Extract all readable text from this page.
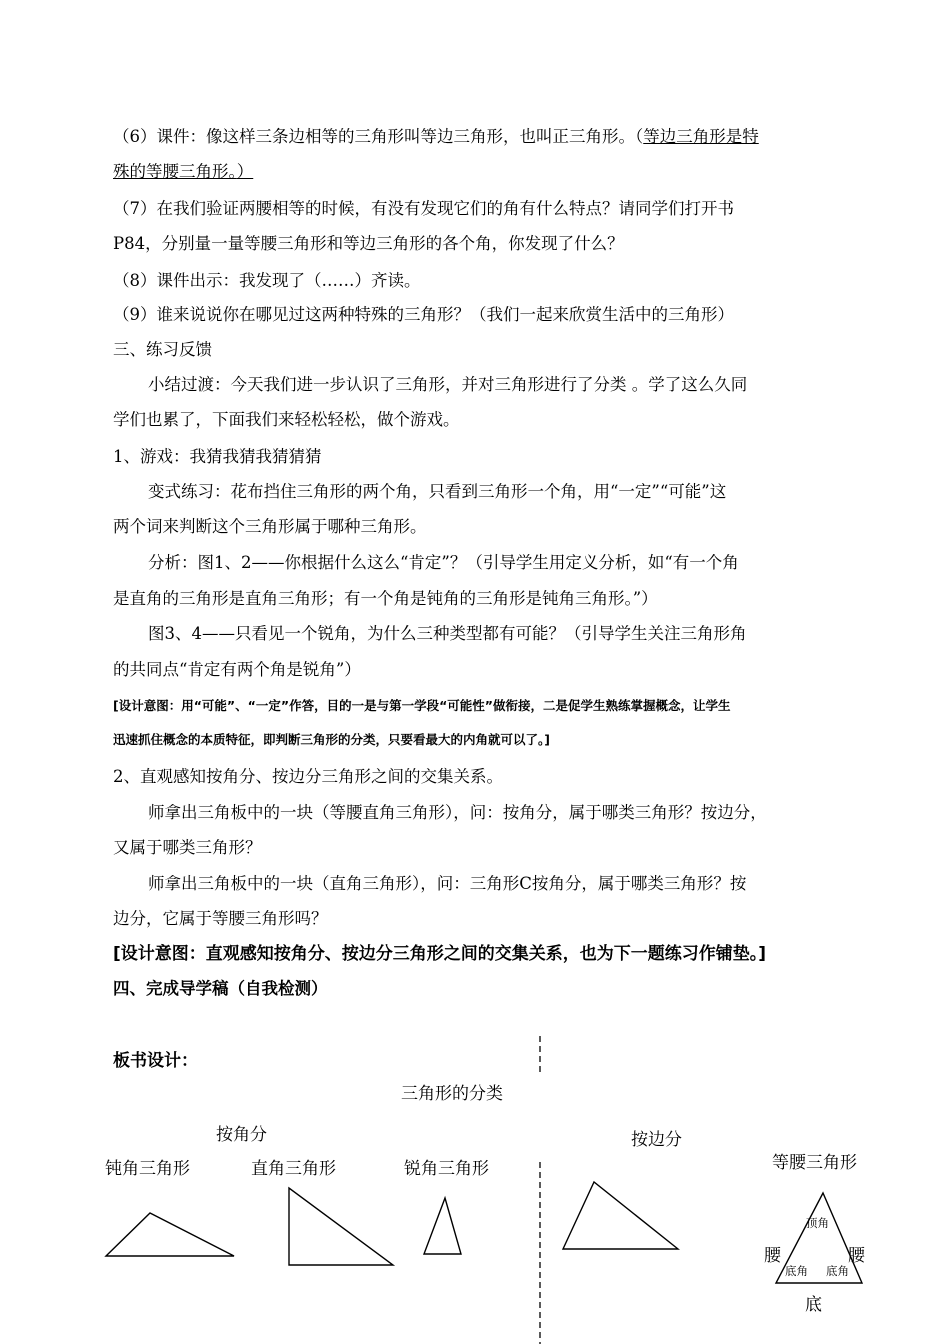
（6）课件：像这样三条边相等的三角形叫等边三角形，也叫正三角形。（等边三角形是特

殊的等腰三角形。）

（7）在我们验证两腰相等的时候，有没有发现它们的角有什么特点？请同学们打开书

P84，分别量一量等腰三角形和等边三角形的各个角，你发现了什么？

（8）课件出示：我发现了（……）齐读。

（9）谁来说说你在哪见过这两种特殊的三角形？（我们一起来欣赏生活中的三角形）

三、练习反馈

小结过渡：今天我们进一步认识了三角形，并对三角形进行了分类 。学了这么久同

学们也累了，下面我们来轻松轻松，做个游戏。

1、游戏：我猜我猜我猜猜猜

变式练习：花布挡住三角形的两个角，只看到三角形一个角，用“一定”“可能”这

两个词来判断这个三角形属于哪种三角形。

分析：图1、2——你根据什么这么“肯定”？（引导学生用定义分析，如“有一个角

是直角的三角形是直角三角形；有一个角是钝角的三角形是钝角三角形。”）

图3、4——只看见一个锐角，为什么三种类型都有可能？（引导学生关注三角形角

的共同点“肯定有两个角是锐角”）

[设计意图：用“可能”、“一定”作答，目的一是与第一学段“可能性”做衔接，二是促学生熟练掌握概念，让学生

迅速抓住概念的本质特征，即判断三角形的分类，只要看最大的内角就可以了。]

2、直观感知按角分、按边分三角形之间的交集关系。

师拿出三角板中的一块（等腰直角三角形），问：按角分，属于哪类三角形？按边分，

又属于哪类三角形？

师拿出三角板中的一块（直角三角形），问：三角形C按角分，属于哪类三角形？按

边分，它属于等腰三角形吗？

[设计意图：直观感知按角分、按边分三角形之间的交集关系，也为下一题练习作铺垫。]

四、完成导学稿（自我检测）

板书设计：
三角形的分类
按角分	按边分
钝角三角形	直角三角形	锐角三角形	等腰三角形
顶角
腰	腰
底角 底角
底
